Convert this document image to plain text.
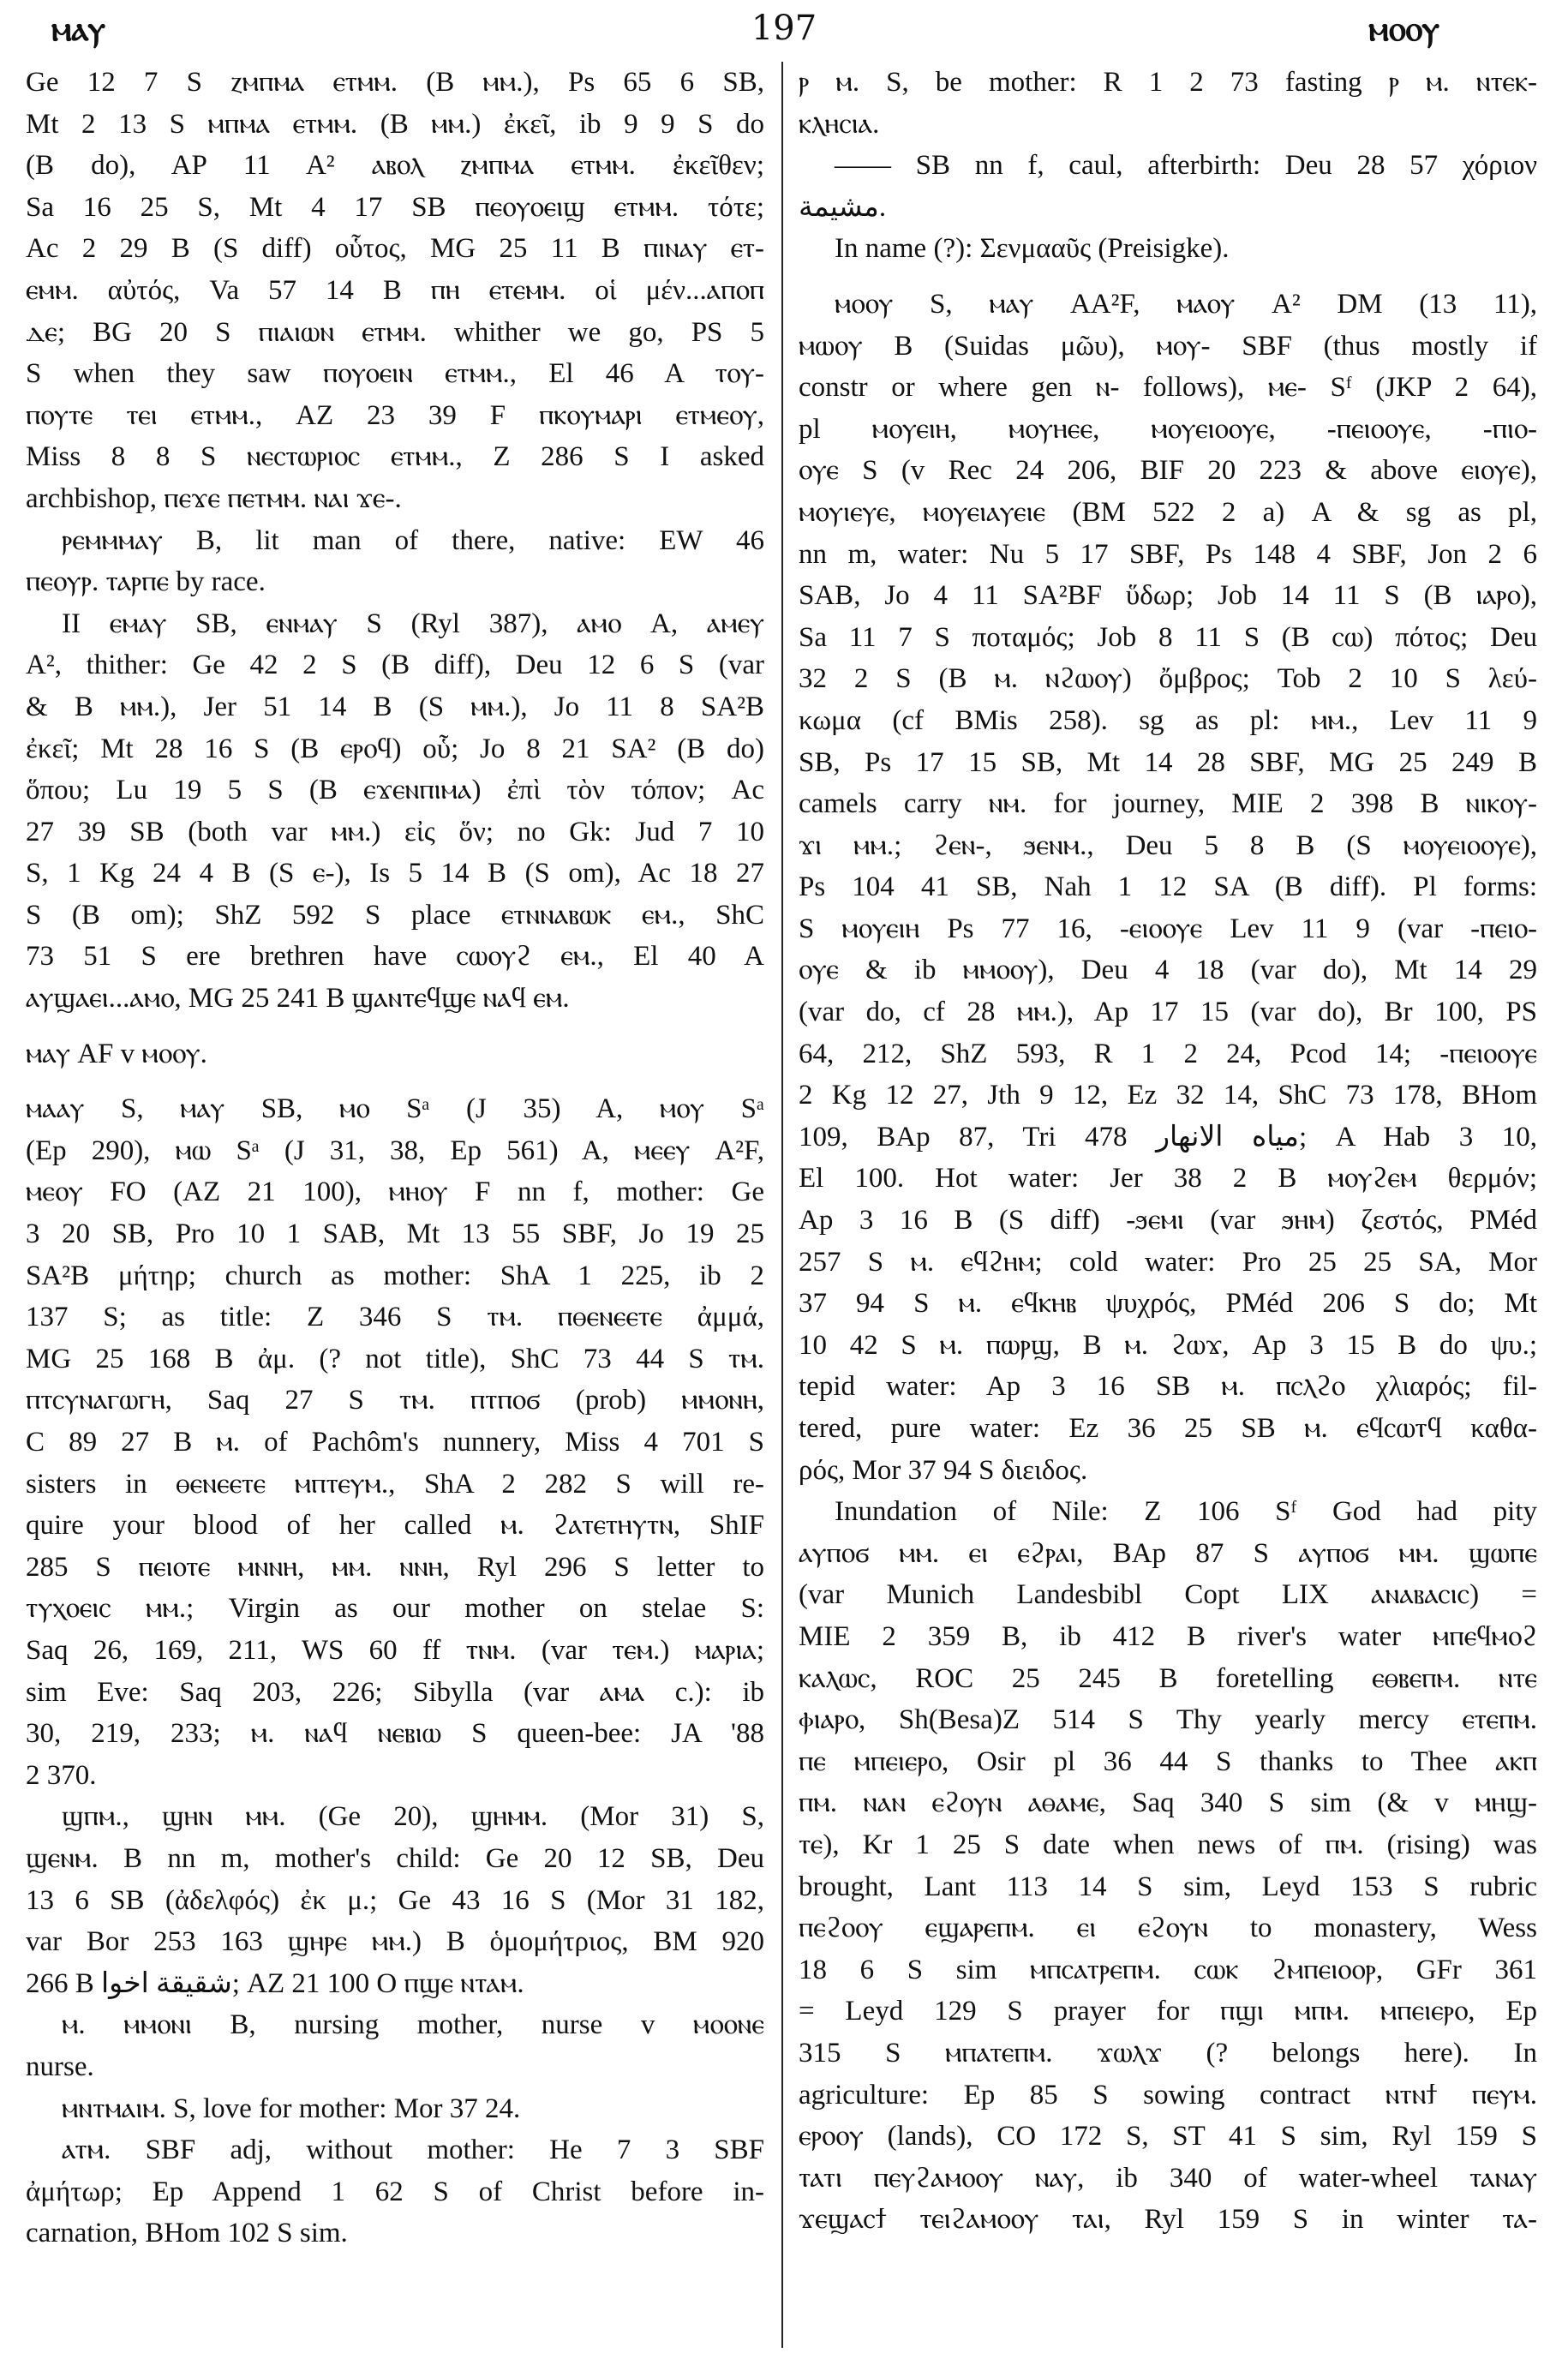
ⲙⲁⲩ	197	ⲙⲟⲟⲩ
Ge 12 7 S ⲍⲙⲡⲙⲁ ⲉⲧⲙⲙ. (B ⲙⲙ.), Ps 65 6 SB,
Mt 2 13 S ⲙⲡⲙⲁ ⲉⲧⲙⲙ. (B ⲙⲙ.) ἐκεῖ, ib 9 9 S do
(B do), AP 11 A² ⲁⲃⲟⲗ ⲍⲙⲡⲙⲁ ⲉⲧⲙⲙ. ἐκεῖθεν;
Sa 16 25 S, Mt 4 17 SB ⲡⲉⲟⲩⲟⲉⲓϣ ⲉⲧⲙⲙ. τότε;
Ac 2 29 B (S diff) οὗτος, MG 25 11 B ⲡⲓⲛⲁⲩ ⲉⲧ-
ⲉⲙⲙ. αὐτός, Va 57 14 B ⲡⲏ ⲉⲧⲉⲙⲙ. οἱ μέν...ⲁⲡⲟⲡ
ⲇⲉ; BG 20 S ⲡⲓⲁⲓⲱⲛ ⲉⲧⲙⲙ. whither we go, PS 5
S when they saw ⲡⲟⲩⲟⲉⲓⲛ ⲉⲧⲙⲙ., El 46 A ⲧⲟⲩ-
ⲡⲟⲩⲧⲉ ⲧⲉⲓ ⲉⲧⲙⲙ., AZ 23 39 F ⲡⲕⲟⲩⲙⲁⲣⲓ ⲉⲧⲙⲉⲟⲩ,
Miss 8 8 S ⲛⲉⲥⲧⲱⲣⲓⲟⲥ ⲉⲧⲙⲙ., Z 286 S I asked
archbishop, ⲡⲉϫⲉ ⲡⲉⲧⲙⲙ. ⲛⲁⲓ ϫⲉ-.
ⲣⲉⲙⲙⲙⲁⲩ B, lit man of there, native: EW 46
ⲡⲉⲟⲩⲣ. ⲧⲁⲣⲡⲉ by race.
II ⲉⲙⲁⲩ SB, ⲉⲛⲙⲁⲩ S (Ryl 387), ⲁⲙⲟ A, ⲁⲙⲉⲩ
A², thither: Ge 42 2 S (B diff), Deu 12 6 S (var
& B ⲙⲙ.), Jer 51 14 B (S ⲙⲙ.), Jo 11 8 SA²B
ἐκεῖ; Mt 28 16 S (B ⲉⲣⲟϥ) οὗ; Jo 8 21 SA² (B do)
ὅπου; Lu 19 5 S (B ⲉϫⲉⲛⲡⲓⲙⲁ) ἐπὶ τὸν τόπον; Ac
27 39 SB (both var ⲙⲙ.) εἰς ὅν; no Gk: Jud 7 10
S, 1 Kg 24 4 B (S ⲉ-), Is 5 14 B (S om), Ac 18 27
S (B om); ShZ 592 S place ⲉⲧⲛⲛⲁⲃⲱⲕ ⲉⲙ., ShC
73 51 S ere brethren have ⲥⲱⲟⲩϩ ⲉⲙ., El 40 A
ⲁⲩϣⲁⲉⲓ...ⲁⲙⲟ, MG 25 241 B ϣⲁⲛⲧⲉϥϣⲉ ⲛⲁϥ ⲉⲙ.
ⲙⲁⲩ AF v ⲙⲟⲟⲩ.
ⲙⲁⲁⲩ S, ⲙⲁⲩ SB, ⲙⲟ Sᵃ (J 35) A, ⲙⲟⲩ Sᵃ
(Ep 290), ⲙⲱ Sᵃ (J 31, 38, Ep 561) A, ⲙⲉⲉⲩ A²F,
ⲙⲉⲟⲩ FO (AZ 21 100), ⲙⲏⲟⲩ F nn f, mother: Ge
3 20 SB, Pro 10 1 SAB, Mt 13 55 SBF, Jo 19 25
SA²B μήτηρ; church as mother: ShA 1 225, ib 2
137 S; as title: Z 346 S ⲧⲙ. ⲡⲑⲉⲛⲉⲉⲧⲉ ἀμμά,
MG 25 168 B ἀμ. (? not title), ShC 73 44 S ⲧⲙ.
ⲡⲧⲥⲩⲛⲁⲅⲱⲅⲏ, Saq 27 S ⲧⲙ. ⲡⲧⲡⲟϭ (prob) ⲙⲙⲟⲛⲏ,
C 89 27 B ⲙ. of Pachôm's nunnery, Miss 4 701 S
sisters in ⲑⲉⲛⲉⲉⲧⲉ ⲙⲡⲧⲉⲩⲙ., ShA 2 282 S will re-
quire your blood of her called ⲙ. ϩⲁⲧⲉⲧⲏⲩⲧⲛ, ShIF
285 S ⲡⲉⲓⲟⲧⲉ ⲙⲛⲛⲏ, ⲙⲙ. ⲛⲛⲏ, Ryl 296 S letter to
ⲧⲩⲭⲟⲉⲓⲥ ⲙⲙ.; Virgin as our mother on stelae S:
Saq 26, 169, 211, WS 60 ff ⲧⲛⲙ. (var ⲧⲉⲙ.) ⲙⲁⲣⲓⲁ;
sim Eve: Saq 203, 226; Sibylla (var ⲁⲙⲁ c.): ib
30, 219, 233; ⲙ. ⲛⲁϥ ⲛⲉⲃⲓⲱ S queen-bee: JA '88
2 370.
ϣⲡⲙ., ϣⲏⲛ ⲙⲙ. (Ge 20), ϣⲏⲙⲙ. (Mor 31) S,
ϣⲉⲛⲙ. B nn m, mother's child: Ge 20 12 SB, Deu
13 6 SB (ἀδελφός) ἐκ μ.; Ge 43 16 S (Mor 31 182,
var Bor 253 163 ϣⲏⲣⲉ ⲙⲙ.) B ὁμομήτριος, BM 920
266 B شقيقة اخوا; AZ 21 100 O ⲡϣⲉ ⲛⲧⲁⲙ.
ⲙ. ⲙⲙⲟⲛⲓ B, nursing mother, nurse v ⲙⲟⲟⲛⲉ
nurse.
ⲙⲛⲧⲙⲁⲓⲙ. S, love for mother: Mor 37 24.
ⲁⲧⲙ. SBF adj, without mother: He 7 3 SBF
ἀμήτωρ; Ep Append 1 62 S of Christ before in-
carnation, BHom 102 S sim.
ⲣ ⲙ. S, be mother: R 1 2 73 fasting ⲣ ⲙ. ⲛⲧⲉⲕ-
ⲕⲗⲏⲥⲓⲁ.
—— SB nn f, caul, afterbirth: Deu 28 57 χόριον
مشيمة.
In name (?): Σενμααῦς (Preisigke).
ⲙⲟⲟⲩ S, ⲙⲁⲩ AA²F, ⲙⲁⲟⲩ A² DM (13 11),
ⲙⲱⲟⲩ B (Suidas μῶυ), ⲙⲟⲩ- SBF (thus mostly if
constr or where gen ⲛ- follows), ⲙⲉ- Sᶠ (JKP 2 64),
pl ⲙⲟⲩⲉⲓⲏ, ⲙⲟⲩⲏⲉⲉ, ⲙⲟⲩⲉⲓⲟⲟⲩⲉ, -ⲡⲉⲓⲟⲟⲩⲉ, -ⲡⲓⲟ-
ⲟⲩⲉ S (v Rec 24 206, BIF 20 223 & above ⲉⲓⲟⲩⲉ),
ⲙⲟⲩⲓⲉⲩⲉ, ⲙⲟⲩⲉⲓⲁⲩⲉⲓⲉ (BM 522 2 a) A & sg as pl,
nn m, water: Nu 5 17 SBF, Ps 148 4 SBF, Jon 2 6
SAB, Jo 4 11 SA²BF ὕδωρ; Job 14 11 S (B ⲓⲁⲣⲟ),
Sa 11 7 S ποταμός; Job 8 11 S (B ⲥⲱ) πότος; Deu
32 2 S (B ⲙ. ⲛϩⲱⲟⲩ) ὄμβρος; Tob 2 10 S λεύ-
κωμα (cf BMis 258). sg as pl: ⲙⲙ., Lev 11 9
SB, Ps 17 15 SB, Mt 14 28 SBF, MG 25 249 B
camels carry ⲛⲙ. for journey, MIE 2 398 B ⲛⲓⲕⲟⲩ-
ϫⲓ ⲙⲙ.; ϩⲉⲛ-, ϧⲉⲛⲙ., Deu 5 8 B (S ⲙⲟⲩⲉⲓⲟⲟⲩⲉ),
Ps 104 41 SB, Nah 1 12 SA (B diff). Pl forms:
S ⲙⲟⲩⲉⲓⲏ Ps 77 16, -ⲉⲓⲟⲟⲩⲉ Lev 11 9 (var -ⲡⲉⲓⲟ-
ⲟⲩⲉ & ib ⲙⲙⲟⲟⲩ), Deu 4 18 (var do), Mt 14 29
(var do, cf 28 ⲙⲙ.), Ap 17 15 (var do), Br 100, PS
64, 212, ShZ 593, R 1 2 24, Pcod 14; -ⲡⲉⲓⲟⲟⲩⲉ
2 Kg 12 27, Jth 9 12, Ez 32 14, ShC 73 178, BHom
109, BAp 87, Tri 478 مياه الانهار; A Hab 3 10,
El 100. Hot water: Jer 38 2 B ⲙⲟⲩϩⲉⲙ θερμόν;
Ap 3 16 B (S diff) -ϧⲉⲙⲓ (var ϧⲏⲙ) ζεστός, PMéd
257 S ⲙ. ⲉϥϩⲏⲙ; cold water: Pro 25 25 SA, Mor
37 94 S ⲙ. ⲉϥⲕⲏⲃ ψυχρός, PMéd 206 S do; Mt
10 42 S ⲙ. ⲡⲱⲣϣ, B ⲙ. ϩⲱϫ, Ap 3 15 B do ψυ.;
tepid water: Ap 3 16 SB ⲙ. ⲡⲥⲗϩⲟ χλιαρός; fil-
tered, pure water: Ez 36 25 SB ⲙ. ⲉϥⲥⲱⲧϥ καθα-
ρός, Mor 37 94 S διειδος.
Inundation of Nile: Z 106 Sᶠ God had pity
ⲁⲩⲡⲟϭ ⲙⲙ. ⲉⲓ ⲉϩⲣⲁⲓ, BAp 87 S ⲁⲩⲡⲟϭ ⲙⲙ. ϣⲱⲡⲉ
(var Munich Landesbibl Copt LIX ⲁⲛⲁⲃⲁⲥⲓⲥ) =
MIE 2 359 B, ib 412 B river's water ⲙⲡⲉϥⲙⲟϩ
ⲕⲁⲗⲱⲥ, ROC 25 245 B foretelling ⲉⲑⲃⲉⲡⲙ. ⲛⲧⲉ
ⲫⲓⲁⲣⲟ, Sh(Besa)Z 514 S Thy yearly mercy ⲉⲧⲉⲡⲙ.
ⲡⲉ ⲙⲡⲉⲓⲉⲣⲟ, Osir pl 36 44 S thanks to Thee ⲁⲕⲡ
ⲡⲙ. ⲛⲁⲛ ⲉϩⲟⲩⲛ ⲁⲑⲁⲙⲉ, Saq 340 S sim (& v ⲙⲏϣ-
ⲧⲉ), Kr 1 25 S date when news of ⲡⲙ. (rising) was
brought, Lant 113 14 S sim, Leyd 153 S rubric
ⲡⲉϩⲟⲟⲩ ⲉϣⲁⲣⲉⲡⲙ. ⲉⲓ ⲉϩⲟⲩⲛ to monastery, Wess
18 6 S sim ⲙⲡⲥⲁⲧⲣⲉⲡⲙ. ⲥⲱⲕ ϩⲙⲡⲉⲓⲟⲟⲣ, GFr 361
= Leyd 129 S prayer for ⲡϣⲓ ⲙⲡⲙ. ⲙⲡⲉⲓⲉⲣⲟ, Ep
315 S ⲙⲡⲁⲧⲉⲡⲙ. ϫⲱⲗϫ (? belongs here). In
agriculture: Ep 85 S sowing contract ⲛⲧⲛϯ ⲡⲉⲩⲙ.
ⲉⲣⲟⲟⲩ (lands), CO 172 S, ST 41 S sim, Ryl 159 S
ⲧⲁⲧⲓ ⲡⲉⲩϩⲁⲙⲟⲟⲩ ⲛⲁⲩ, ib 340 of water-wheel ⲧⲁⲛⲁⲩ
ϫⲉϣⲁⲥϯ ⲧⲉⲓϩⲁⲙⲟⲟⲩ ⲧⲁⲓ, Ryl 159 S in winter ⲧⲁ-
